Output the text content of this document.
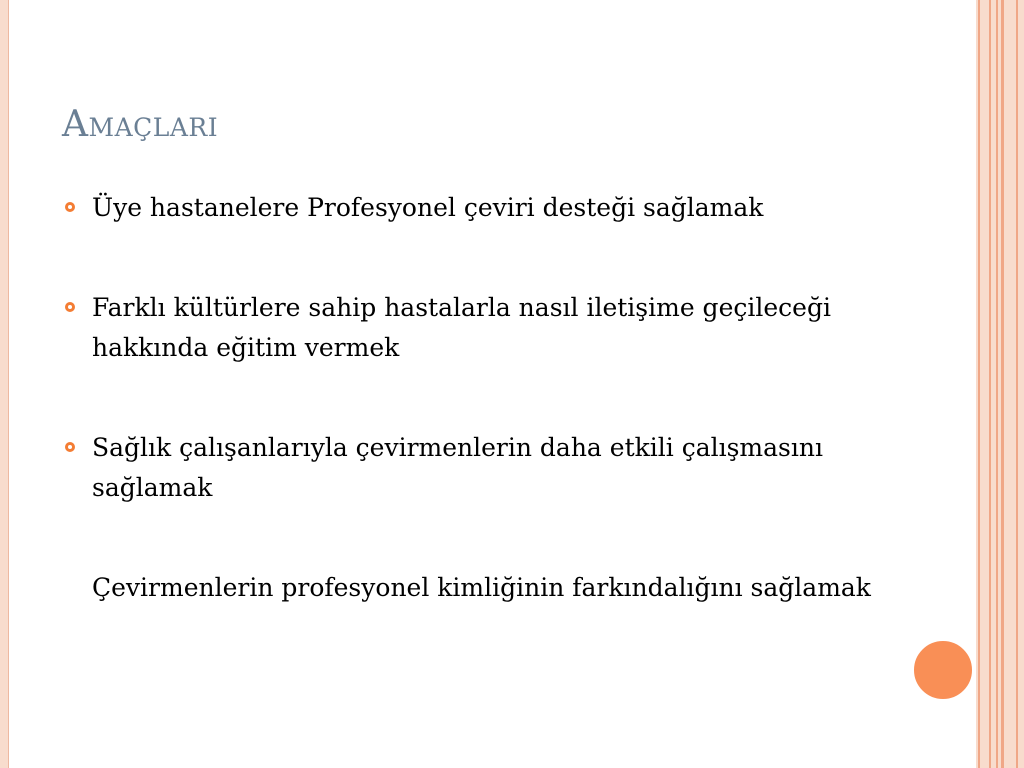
Amaçlari
Üye hastanelere Profesyonel çeviri desteği sağlamak
Farklı kültürlere sahip hastalarla nasıl iletişime geçileceği hakkında eğitim vermek
Sağlık çalışanlarıyla çevirmenlerin daha etkili çalışmasını sağlamak
Çevirmenlerin profesyonel kimliğinin farkındalığını sağlamak
